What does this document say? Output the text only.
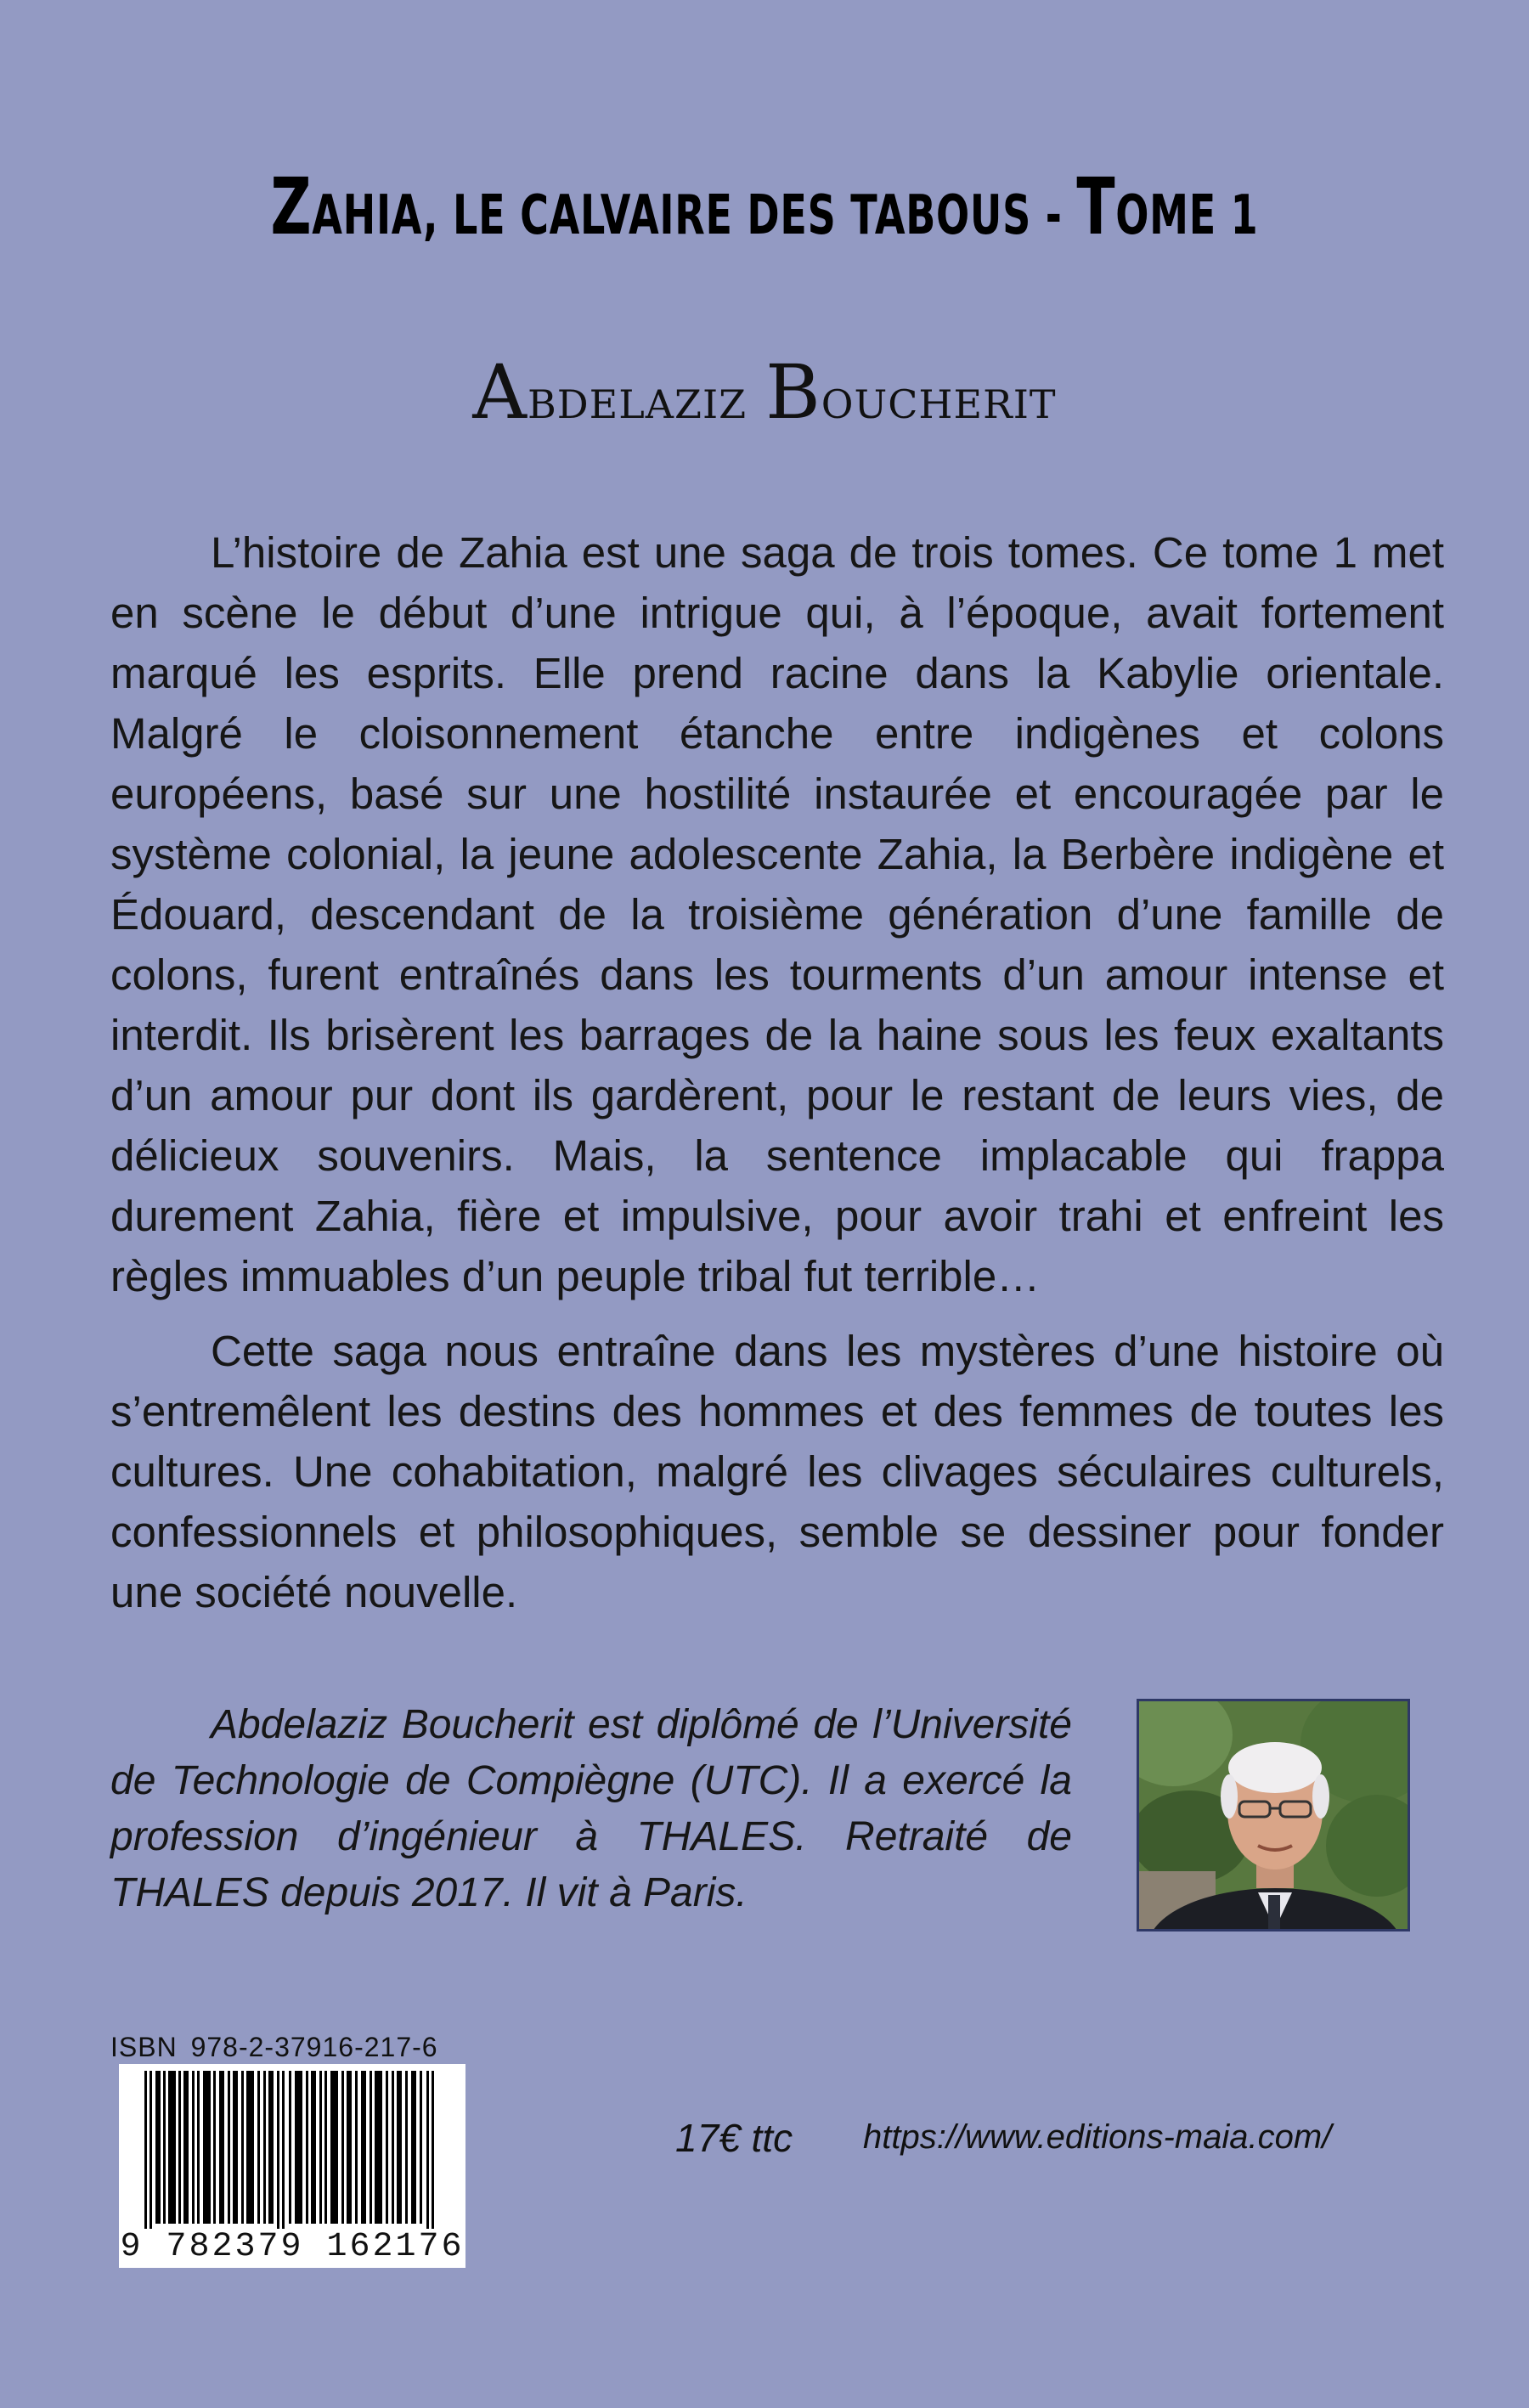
ZAHIA, LE CALVAIRE DES TABOUS - TOME 1
Abdelaziz Boucherit

L’histoire de Zahia est une saga de trois tomes. Ce tome 1 met en scène le début d’une intrigue qui, à l’époque, avait fortement marqué les esprits. Elle prend racine dans la Kabylie orientale. Malgré le cloisonnement étanche entre indigènes et colons européens, basé sur une hostilité instaurée et encouragée par le système colonial, la jeune adolescente Zahia, la Berbère indigène et Édouard, descendant de la troisième génération d’une famille de colons, furent entraînés dans les tourments d’un amour intense et interdit. Ils brisèrent les barrages de la haine sous les feux exaltants d’un amour pur dont ils gardèrent, pour le restant de leurs vies, de délicieux souvenirs. Mais, la sentence implacable qui frappa durement Zahia, fière et impulsive, pour avoir trahi et enfreint les règles immuables d’un peuple tribal fut terrible…

Cette saga nous entraîne dans les mystères d’une histoire où s’entremêlent les destins des hommes et des femmes de toutes les cultures. Une cohabitation, malgré les clivages séculaires culturels, confessionnels et philosophiques, semble se dessiner pour fonder une société nouvelle.

Abdelaziz Boucherit est diplômé de l’Université de Technologie de Compiègne (UTC). Il a exercé la profession d’ingénieur à THALES. Retraité de THALES depuis 2017. Il vit à Paris.

ISBN 978-2-37916-217-6
9 782379 162176
17€ ttc https://www.editions-maia.com/
